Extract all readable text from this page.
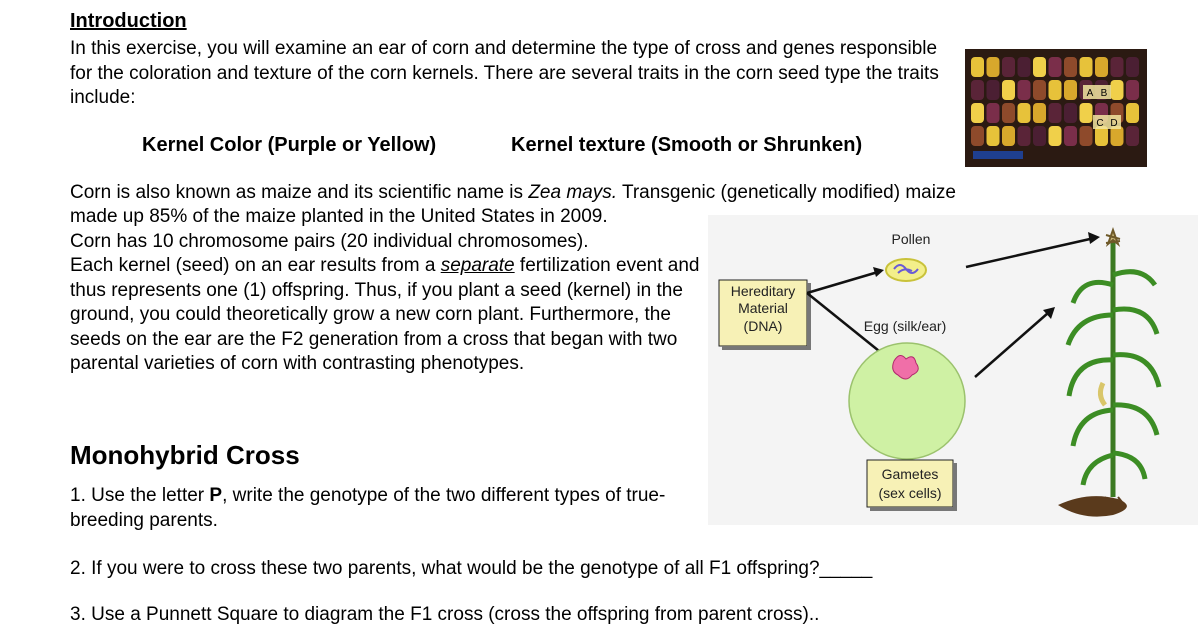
Introduction
In this exercise, you will examine an ear of corn and determine the type of cross and genes responsible for the coloration and texture of the corn kernels. There are several traits in the corn seed type the traits include:
Kernel Color (Purple or Yellow)	Kernel texture (Smooth or Shrunken)
A B
C D
Corn is also known as maize and its scientific name is Zea mays. Transgenic (genetically modified) maize
made up 85% of the maize planted in the United States in 2009.
Corn has 10 chromosome pairs (20 individual chromosomes).
Each kernel (seed) on an ear results from a separate fertilization event and thus represents one (1) offspring. Thus, if you plant a seed (kernel) in the ground, you could theoretically grow a new corn plant. Furthermore, the seeds on the ear are the F2 generation from a cross that began with two parental varieties of corn with contrasting phenotypes.
Pollen
Hereditary
Material
(DNA)	Egg (silk/ear)
Gametes
(sex cells)
Monohybrid Cross
1. Use the letter P, write the genotype of the two different types of true-breeding parents.
2. If you were to cross these two parents, what would be the genotype of all F1 offspring?_____
3. Use a Punnett Square to diagram the F1 cross (cross the offspring from parent cross)..
